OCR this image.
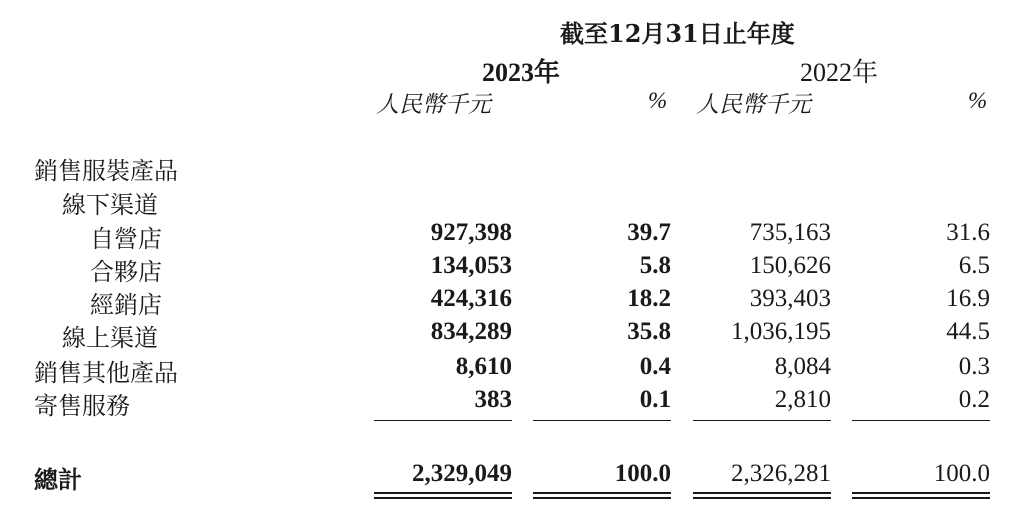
截至12月31日止年度
2023年	2022年
人民幣千元	% 人民幣千元	%
銷售服裝產品
線下渠道
自營店	927,398	39.7	735,163	31.6
合夥店	134,053	5.8	150,626	6.5
經銷店	424,316	18.2	393,403	16.9
線上渠道	834,289	35.8 1,036,195	44.5
銷售其他產品	8,610	0.4	8,084	0.3
寄售服務	383	0.1	2,810	0.2
總計	2,329,049	100.0 2,326,281	100.0
